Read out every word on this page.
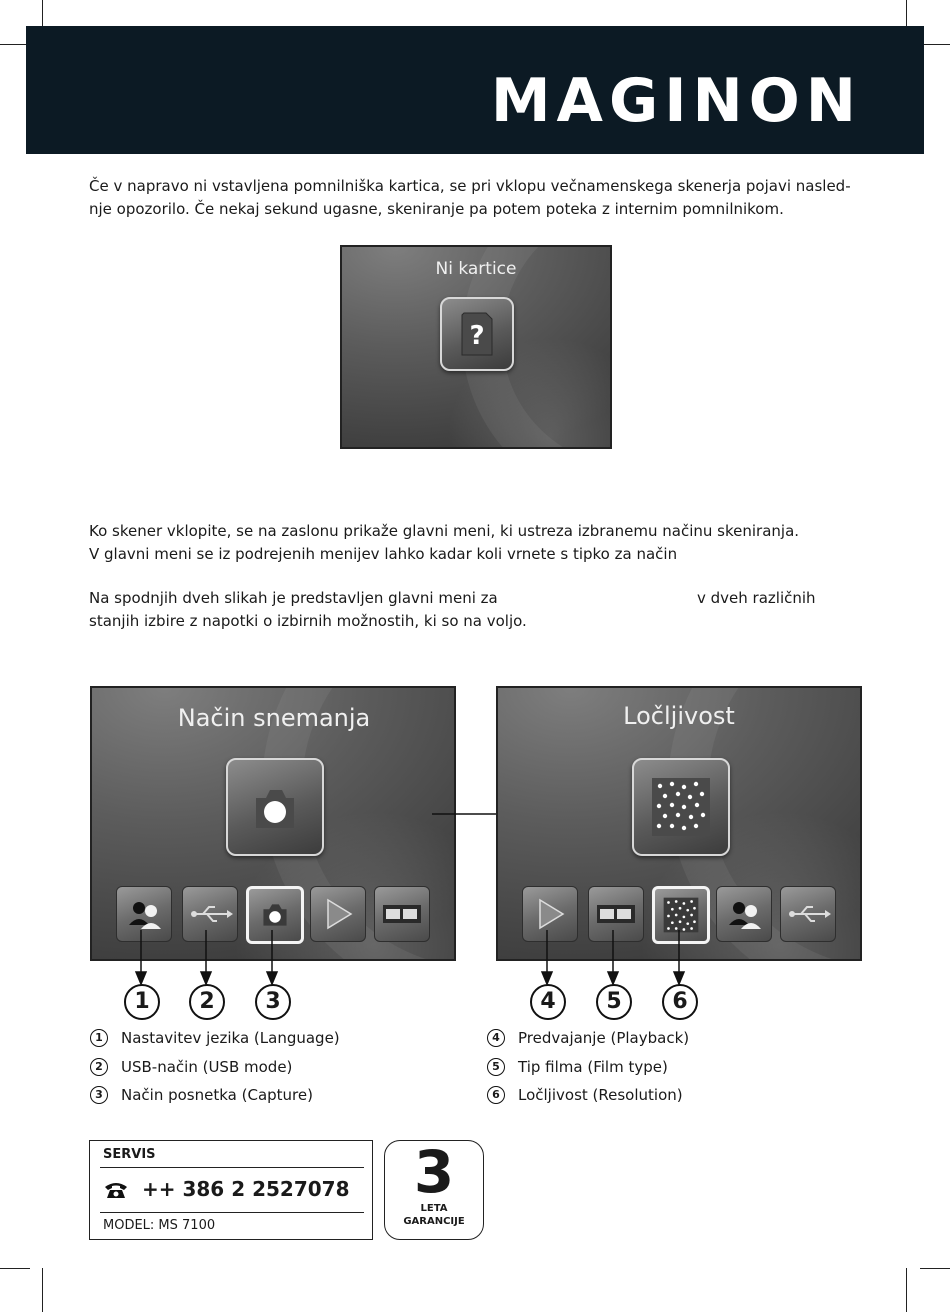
MAGINON

Če v napravo ni vstavljena pomnilniška kartica, se pri vklopu večnamenskega skenerja pojavi nasled-nje opozorilo. Če nekaj sekund ugasne, skeniranje pa potem poteka z internim pomnilnikom.

Ni kartice
?
Ko skener vklopite, se na zaslonu prikaže glavni meni, ki ustreza izbranemu načinu skeniranja.
V glavni meni se iz podrejenih menijev lahko kadar koli vrnete s tipko za način
Na spodnjih dveh slikah je predstavljen glavni meni za	v dveh različnih
stanjih izbire z napotki o izbirnih možnostih, ki so na voljo.
Način snemanja	Ločljivost
1	2	3	4	5	6
1 Nastavitev jezika (Language)
2 USB-način (USB mode)
3 Način posnetka (Capture)
4 Predvajanje (Playback)
5 Tip filma (Film type)
6 Ločljivost (Resolution)
SERVIS
++ 386 2 2527078
MODEL: MS 7100
3
LETA
GARANCIJE
